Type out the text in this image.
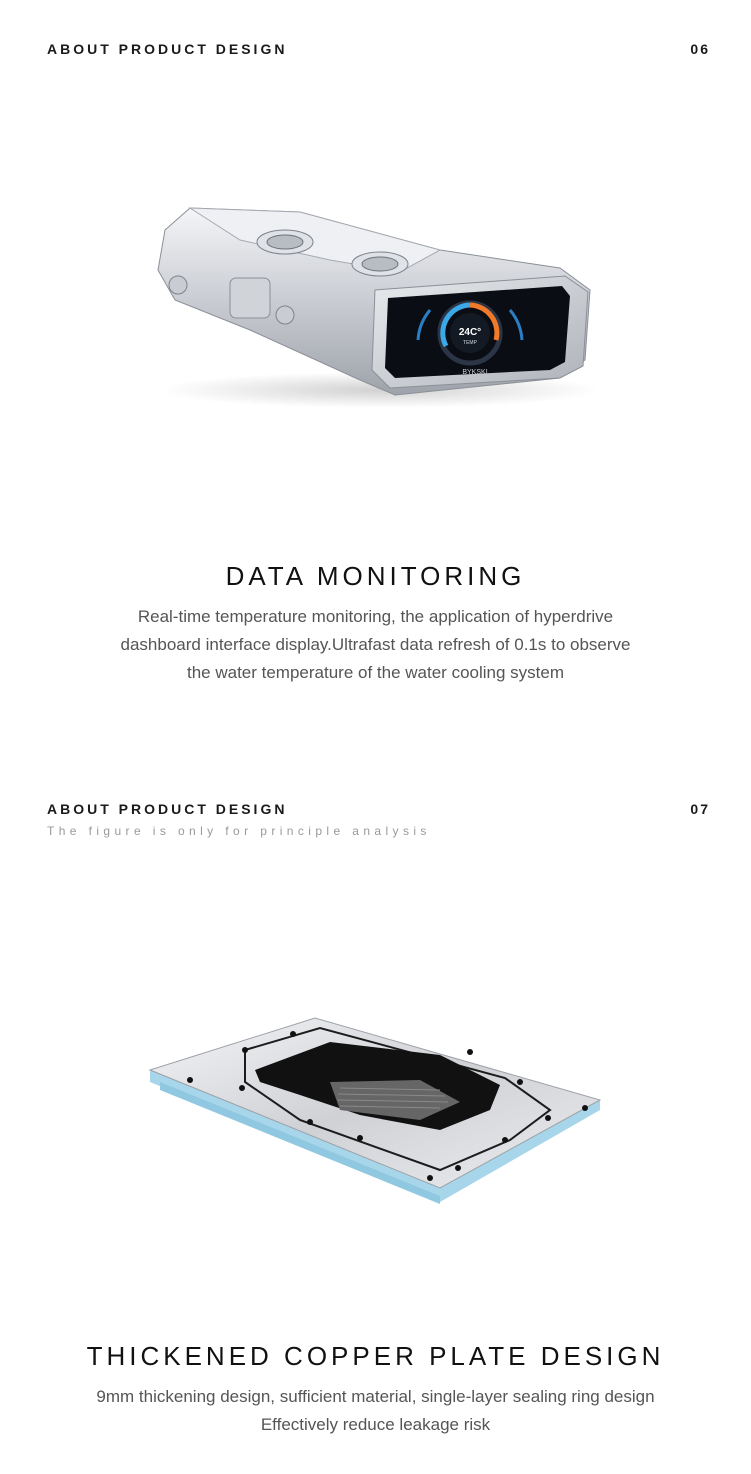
ABOUT PRODUCT DESIGN	06
24C°
TEMP
BYKSKI
DATA MONITORING
Real-time temperature monitoring, the application of hyperdrive
dashboard interface display.Ultrafast data refresh of 0.1s to observe
the water temperature of the water cooling system
ABOUT PRODUCT DESIGN	07
The figure is only for principle analysis
THICKENED COPPER PLATE DESIGN
9mm thickening design, sufficient material, single-layer sealing ring design
Effectively reduce leakage risk
